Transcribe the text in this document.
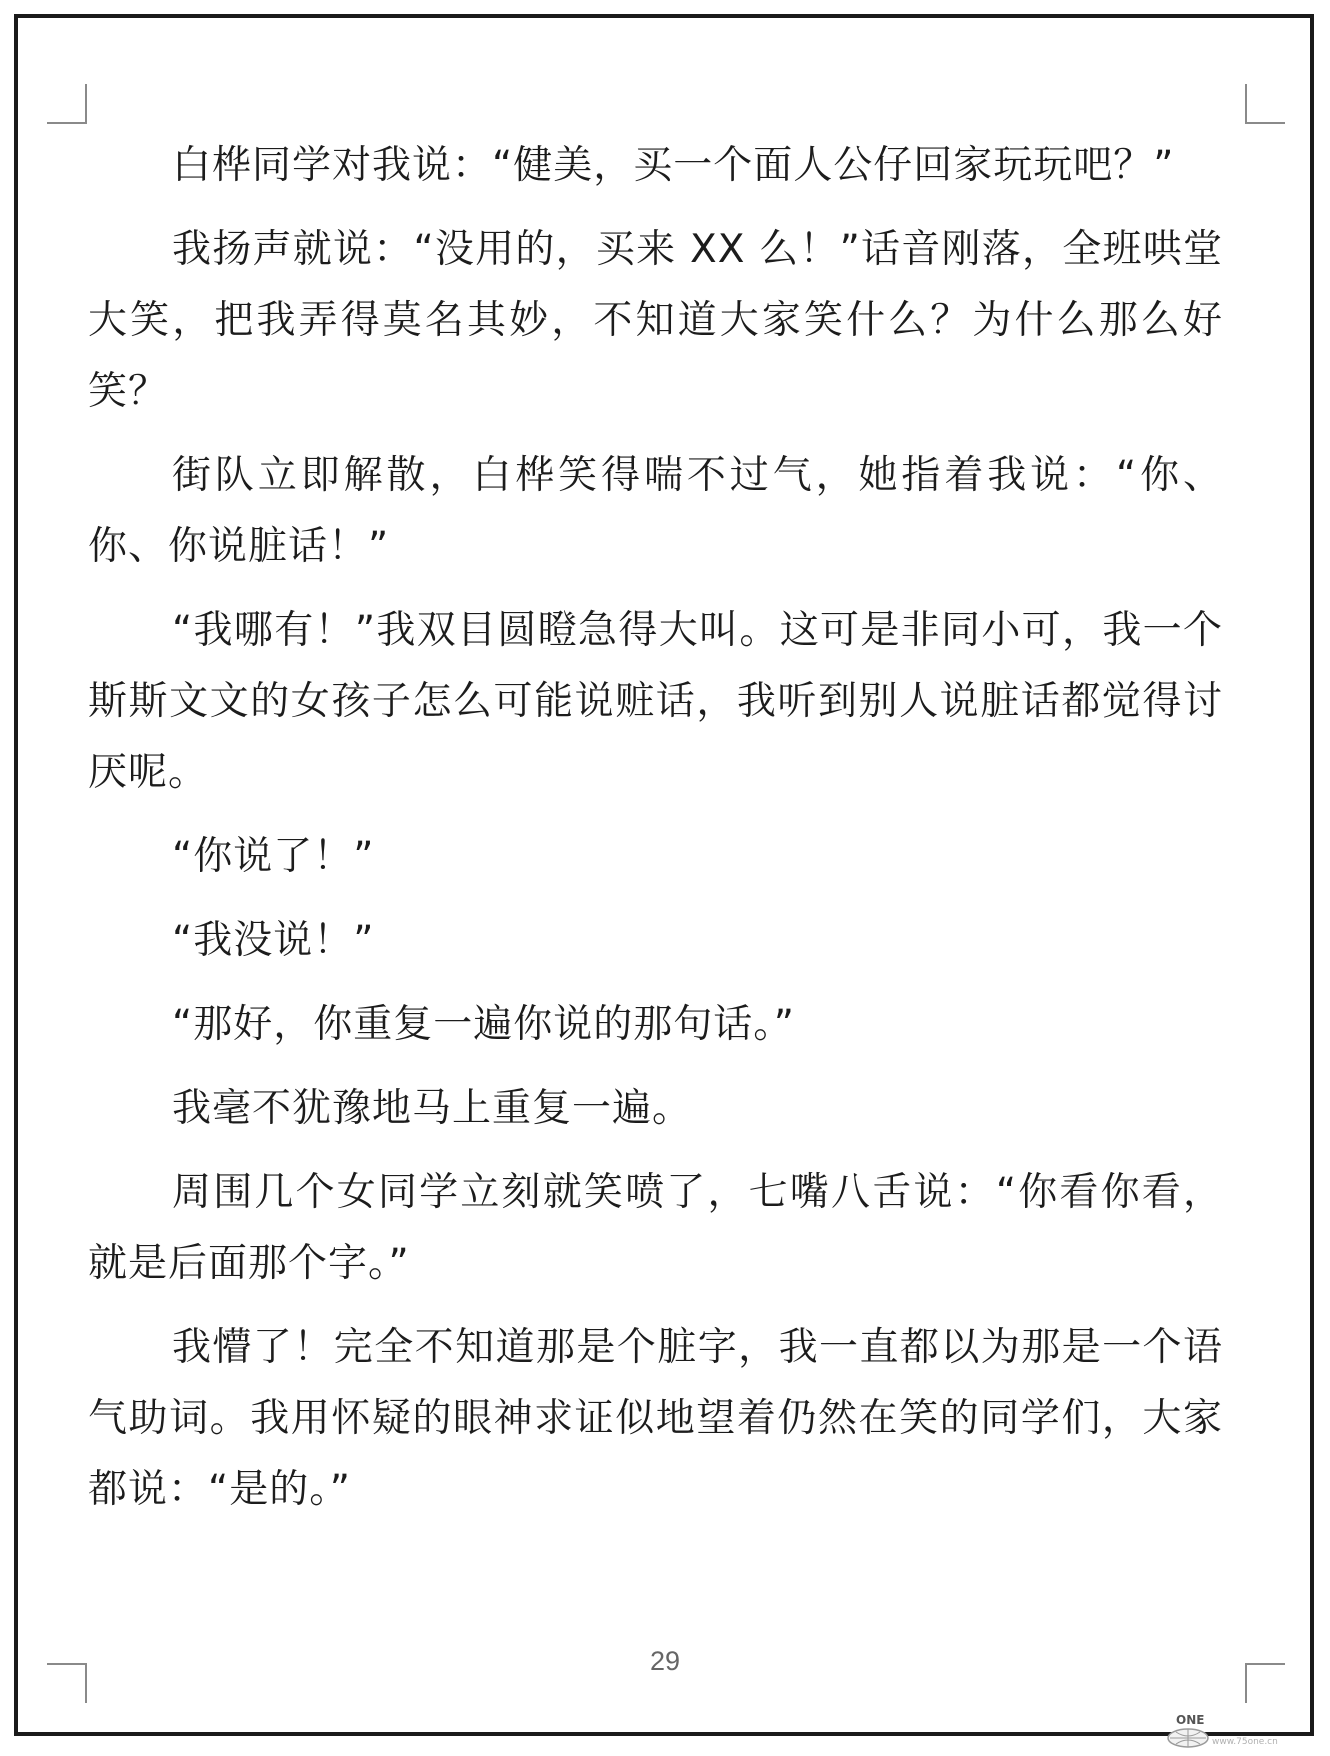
白桦同学对我说：“健美，买一个面人公仔回家玩玩吧？”

我扬声就说：“没用的，买来 XX 么！”话音刚落，全班哄堂大笑，把我弄得莫名其妙，不知道大家笑什么？为什么那么好笑？

街队立即解散，白桦笑得喘不过气，她指着我说：“你、你、你说脏话！”

“我哪有！”我双目圆瞪急得大叫。这可是非同小可，我一个斯斯文文的女孩子怎么可能说赃话，我听到别人说脏话都觉得讨厌呢。

“你说了！”

“我没说！”

“那好，你重复一遍你说的那句话。”

我毫不犹豫地马上重复一遍。

周围几个女同学立刻就笑喷了，七嘴八舌说：“你看你看，就是后面那个字。”

我懵了！完全不知道那是个脏字，我一直都以为那是一个语气助词。我用怀疑的眼神求证似地望着仍然在笑的同学们，大家都说：“是的。”

29
ONE
www.75one.cn
